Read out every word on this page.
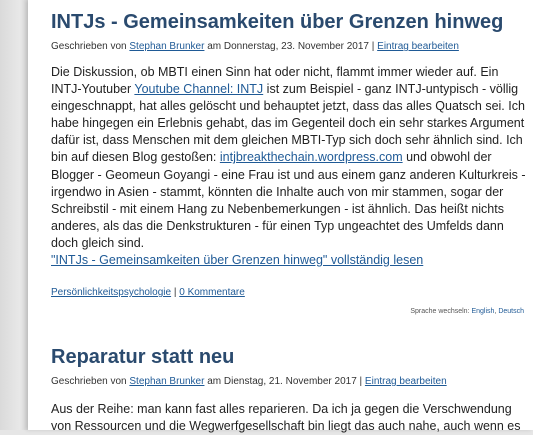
INTJs - Gemeinsamkeiten über Grenzen hinweg
Geschrieben von Stephan Brunker am Donnerstag, 23. November 2017 | Eintrag bearbeiten
Die Diskussion, ob MBTI einen Sinn hat oder nicht, flammt immer wieder auf. Ein INTJ-Youtuber Youtube Channel: INTJ ist zum Beispiel - ganz INTJ-untypisch - völlig eingeschnappt, hat alles gelöscht und behauptet jetzt, dass das alles Quatsch sei. Ich habe hingegen ein Erlebnis gehabt, das im Gegenteil doch ein sehr starkes Argument dafür ist, dass Menschen mit dem gleichen MBTI-Typ sich doch sehr ähnlich sind. Ich bin auf diesen Blog gestoßen: intjbreakthechain.wordpress.com und obwohl der Blogger - Geomeun Goyangi - eine Frau ist und aus einem ganz anderen Kulturkreis - irgendwo in Asien - stammt, könnten die Inhalte auch von mir stammen, sogar der Schreibstil - mit einem Hang zu Nebenbemerkungen - ist ähnlich. Das heißt nichts anderes, als das die Denkstrukturen - für einen Typ ungeachtet des Umfelds dann doch gleich sind.
"INTJs - Gemeinsamkeiten über Grenzen hinweg" vollständig lesen
Persönlichkeitspsychologie | 0 Kommentare
Sprache wechseln: English, Deutsch
Reparatur statt neu
Geschrieben von Stephan Brunker am Dienstag, 21. November 2017 | Eintrag bearbeiten
Aus der Reihe: man kann fast alles reparieren. Da ich ja gegen die Verschwendung von Ressourcen und die Wegwerfgesellschaft bin liegt das auch nahe, auch wenn es
